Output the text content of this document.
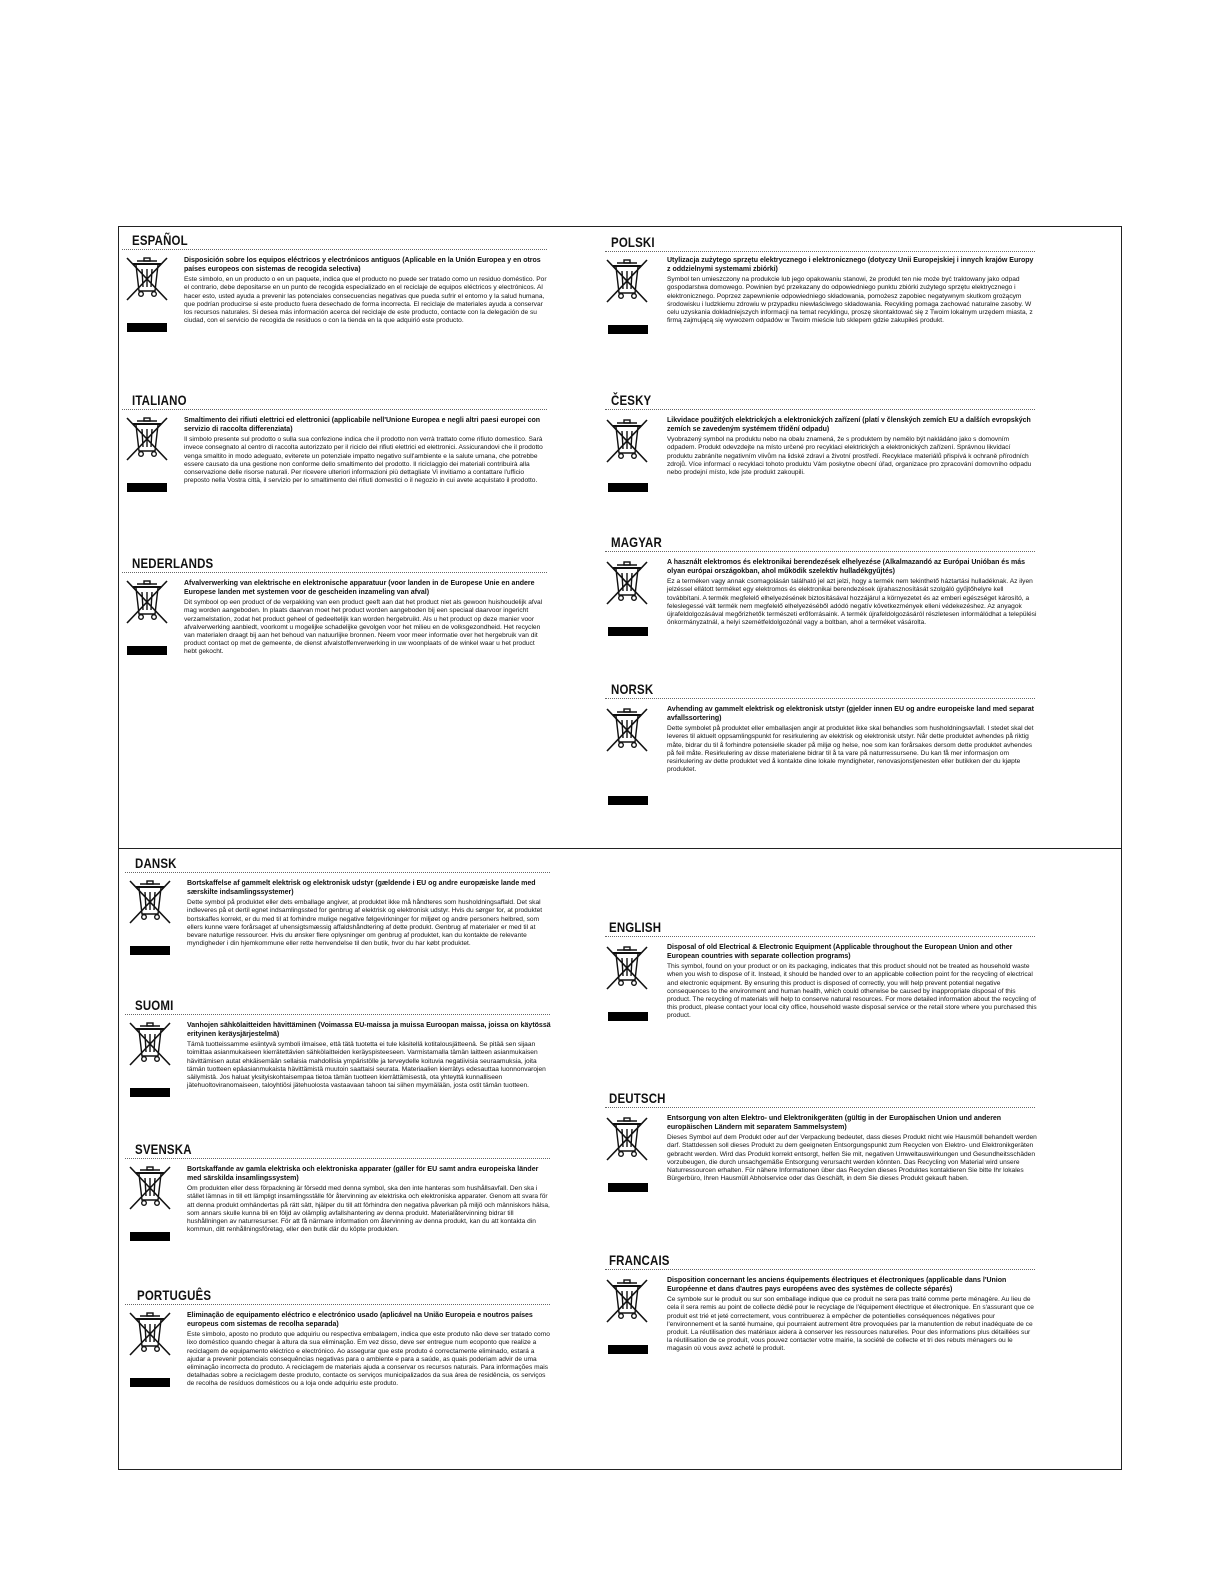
ESPAÑOL
Disposición sobre los equipos eléctricos y electrónicos antiguos (Aplicable en la Unión Europea y en otros países europeos con sistemas de recogida selectiva)
Este símbolo, en un producto o en un paquete, indica que el producto no puede ser tratado como un residuo doméstico. Por el contrario, debe depositarse en un punto de recogida especializado en el reciclaje de equipos eléctricos y electrónicos. Al hacer esto, usted ayuda a prevenir las potenciales consecuencias negativas que pueda sufrir el entorno y la salud humana, que podrían producirse si este producto fuera desechado de forma incorrecta. El reciclaje de materiales ayuda a conservar los recursos naturales. Si desea más información acerca del reciclaje de este producto, contacte con la delegación de su ciudad, con el servicio de recogida de residuos o con la tienda en la que adquirió este producto.
ITALIANO
Smaltimento dei rifiuti elettrici ed elettronici (applicabile nell'Unione Europea e negli altri paesi europei con servizio di raccolta differenziata)
Il simbolo presente sul prodotto o sulla sua confezione indica che il prodotto non verrà trattato come rifiuto domestico. Sarà invece consegnato al centro di raccolta autorizzato per il riciclo dei rifiuti elettrici ed elettronici. Assicurandovi che il prodotto venga smaltito in modo adeguato, eviterete un potenziale impatto negativo sull'ambiente e la salute umana, che potrebbe essere causato da una gestione non conforme dello smaltimento del prodotto. Il riciclaggio dei materiali contribuirà alla conservazione delle risorse naturali. Per ricevere ulteriori informazioni più dettagliate Vi invitiamo a contattare l'ufficio preposto nella Vostra città, il servizio per lo smaltimento dei rifiuti domestici o il negozio in cui avete acquistato il prodotto.
NEDERLANDS
Afvalverwerking van elektrische en elektronische apparatuur (voor landen in de Europese Unie en andere Europese landen met systemen voor de gescheiden inzameling van afval)
Dit symbool op een product of de verpakking van een product geeft aan dat het product niet als gewoon huishoudelijk afval mag worden aangeboden. In plaats daarvan moet het product worden aangeboden bij een speciaal daarvoor ingericht verzamelstation, zodat het product geheel of gedeeltelijk kan worden hergebruikt. Als u het product op deze manier voor afvalverwerking aanbiedt, voorkomt u mogelijke schadelijke gevolgen voor het milieu en de volksgezondheid. Het recyclen van materialen draagt bij aan het behoud van natuurlijke bronnen. Neem voor meer informatie over het hergebruik van dit product contact op met de gemeente, de dienst afvalstoffenverwerking in uw woonplaats of de winkel waar u het product hebt gekocht.
POLSKI
Utylizacja zużytego sprzętu elektrycznego i elektronicznego (dotyczy Unii Europejskiej i innych krajów Europy z oddzielnymi systemami zbiórki)
Symbol ten umieszczony na produkcie lub jego opakowaniu stanowi, że produkt ten nie może być traktowany jako odpad gospodarstwa domowego. Powinien być przekazany do odpowiedniego punktu zbiórki zużytego sprzętu elektrycznego i elektronicznego. Poprzez zapewnienie odpowiedniego składowania, pomożesz zapobiec negatywnym skutkom grożącym środowisku i ludzkiemu zdrowiu w przypadku niewłaściwego składowania. Recykling pomaga zachować naturalne zasoby. W celu uzyskania dokładniejszych informacji na temat recyklingu, proszę skontaktować się z Twoim lokalnym urzędem miasta, z firmą zajmującą się wywozem odpadów w Twoim mieście lub sklepem gdzie zakupiłeś produkt.
ČESKY
Likvidace použitých elektrických a elektronických zařízení (platí v členských zemích EU a dalších evropských zemích se zavedeným systémem třídění odpadu)
Vyobrazený symbol na produktu nebo na obalu znamená, že s produktem by nemělo být nakládáno jako s domovním odpadem. Produkt odevzdejte na místo určené pro recyklaci elektrických a elektronických zařízení. Správnou likvidací produktu zabráníte negativním vlivům na lidské zdraví a životní prostředí. Recyklace materiálů přispívá k ochraně přírodních zdrojů. Více informací o recyklaci tohoto produktu Vám poskytne obecní úřad, organizace pro zpracování domovního odpadu nebo prodejní místo, kde jste produkt zakoupili.
MAGYAR
A használt elektromos és elektronikai berendezések elhelyezése (Alkalmazandó az Európai Unióban és más olyan európai országokban, ahol működik szelektív hulladékgyűjtés)
Ez a terméken vagy annak csomagolásán található jel azt jelzi, hogy a termék nem tekinthető háztartási hulladéknak. Az ilyen jelzéssel ellátott terméket egy elektromos és elektronikai berendezések újrahasznosítását szolgáló gyűjtőhelyre kell továbbítani. A termék megfelelő elhelyezésének biztosításával hozzájárul a környezetet és az emberi egészséget károsító, a feleslegessé vált termék nem megfelelő elhelyezéséből adódó negatív következmények elleni védekezéshez. Az anyagok újrafeldolgozásával megőrizhetők természeti erőforrásaink. A termék újrafeldolgozásáról részletesen informálódhat a települési önkormányzatnál, a helyi szemétfeldolgozónál vagy a boltban, ahol a terméket vásárolta.
NORSK
Avhending av gammelt elektrisk og elektronisk utstyr (gjelder innen EU og andre europeiske land med separat avfallssortering)
Dette symbolet på produktet eller emballasjen angir at produktet ikke skal behandles som husholdningsavfall. I stedet skal det leveres til aktuelt oppsamlingspunkt for resirkulering av elektrisk og elektronisk utstyr. Når dette produktet avhendes på riktig måte, bidrar du til å forhindre potensielle skader på miljø og helse, noe som kan forårsakes dersom dette produktet avhendes på feil måte. Resirkulering av disse materialene bidrar til å ta vare på naturressursene. Du kan få mer informasjon om resirkulering av dette produktet ved å kontakte dine lokale myndigheter, renovasjonstjenesten eller butikken der du kjøpte produktet.
DANSK
Bortskaffelse af gammelt elektrisk og elektronisk udstyr (gældende i EU og andre europæiske lande med særskilte indsamlingssystemer)
Dette symbol på produktet eller dets emballage angiver, at produktet ikke må håndteres som husholdningsaffald. Det skal indleveres på et dertil egnet indsamlingssted for genbrug af elektrisk og elektronisk udstyr. Hvis du sørger for, at produktet bortskaffes korrekt, er du med til at forhindre mulige negative følgevirkninger for miljøet og andre personers helbred, som ellers kunne være forårsaget af uhensigtsmæssig affaldshåndtering af dette produkt. Genbrug af materialer er med til at bevare naturlige ressourcer. Hvis du ønsker flere oplysninger om genbrug af produktet, kan du kontakte de relevante myndigheder i din hjemkommune eller rette henvendelse til den butik, hvor du har købt produktet.
SUOMI
Vanhojen sähkölaitteiden hävittäminen (Voimassa EU-maissa ja muissa Euroopan maissa, joissa on käytössä erityinen keräysjärjestelmä)
Tämä tuotteissamme esiintyvä symboli ilmaisee, että tätä tuotetta ei tule käsitellä kotitalousjätteenä. Se pitää sen sijaan toimittaa asianmukaiseen kierrätettävien sähkölaitteiden keräyspisteeseen. Varmistamalla tämän laitteen asianmukaisen hävittämisen autat ehkäisemään sellaisia mahdollisia ympäristölle ja terveydelle koituvia negatiivisia seuraamuksia, joita tämän tuotteen epäasianmukaista hävittämistä muutoin saattaisi seurata. Materiaalien kierrätys edesauttaa luonnonvarojen säilymistä. Jos haluat yksityiskohtaisempaa tietoa tämän tuotteen kierrättämisestä, ota yhteyttä kunnalliseen jätehuoltoviranomaiseen, taloyhtiösi jätehuolosta vastaavaan tahoon tai siihen myymälään, josta ostit tämän tuotteen.
SVENSKA
Bortskaffande av gamla elektriska och elektroniska apparater (gäller för EU samt andra europeiska länder med särskilda insamlingssystem)
Om produkten eller dess förpackning är försedd med denna symbol, ska den inte hanteras som hushållsavfall. Den ska i stället lämnas in till ett lämpligt insamlingsställe för återvinning av elektriska och elektroniska apparater. Genom att svara för att denna produkt omhändertas på rätt sätt, hjälper du till att förhindra den negativa påverkan på miljö och människors hälsa, som annars skulle kunna bli en följd av olämplig avfallshantering av denna produkt. Materialåtervinning bidrar till hushållningen av naturresurser. För att få närmare information om återvinning av denna produkt, kan du att kontakta din kommun, ditt renhållningsföretag, eller den butik där du köpte produkten.
PORTUGUÊS
Eliminação de equipamento eléctrico e electrónico usado (aplicável na União Europeia e noutros países europeus com sistemas de recolha separada)
Este símbolo, aposto no produto que adquiriu ou respectiva embalagem, indica que este produto não deve ser tratado como lixo doméstico quando chegar à altura da sua eliminação. Em vez disso, deve ser entregue num ecoponto que realize a reciclagem de equipamento eléctrico e electrónico. Ao assegurar que este produto é correctamente eliminado, estará a ajudar a prevenir potenciais consequências negativas para o ambiente e para a saúde, as quais poderiam advir de uma eliminação incorrecta do produto. A reciclagem de materiais ajuda a conservar os recursos naturais. Para informações mais detalhadas sobre a reciclagem deste produto, contacte os serviços municipalizados da sua área de residência, os serviços de recolha de resíduos domésticos ou a loja onde adquiriu este produto.
ENGLISH
Disposal of old Electrical & Electronic Equipment (Applicable throughout the European Union and other European countries with separate collection programs)
This symbol, found on your product or on its packaging, indicates that this product should not be treated as household waste when you wish to dispose of it. Instead, it should be handed over to an applicable collection point for the recycling of electrical and electronic equipment. By ensuring this product is disposed of correctly, you will help prevent potential negative consequences to the environment and human health, which could otherwise be caused by inappropriate disposal of this product. The recycling of materials will help to conserve natural resources. For more detailed information about the recycling of this product, please contact your local city office, household waste disposal service or the retail store where you purchased this product.
DEUTSCH
Entsorgung von alten Elektro- und Elektronikgeräten (gültig in der Europäischen Union und anderen europäischen Ländern mit separatem Sammelsystem)
Dieses Symbol auf dem Produkt oder auf der Verpackung bedeutet, dass dieses Produkt nicht wie Hausmüll behandelt werden darf. Stattdessen soll dieses Produkt zu dem geeigneten Entsorgungspunkt zum Recyclen von Elektro- und Elektronikgeräten gebracht werden. Wird das Produkt korrekt entsorgt, helfen Sie mit, negativen Umweltauswirkungen und Gesundheitsschäden vorzubeugen, die durch unsachgemäße Entsorgung verursacht werden könnten. Das Recycling von Material wird unsere Naturressourcen erhalten. Für nähere Informationen über das Recyclen dieses Produktes kontaktieren Sie bitte Ihr lokales Bürgerbüro, Ihren Hausmüll Abholservice oder das Geschäft, in dem Sie dieses Produkt gekauft haben.
FRANCAIS
Disposition concernant les anciens équipements électriques et électroniques (applicable dans l'Union Européenne et dans d'autres pays européens avec des systèmes de collecte séparés)
Ce symbole sur le produit ou sur son emballage indique que ce produit ne sera pas traité comme perte ménagère. Au lieu de cela il sera remis au point de collecte dédié pour le recyclage de l'équipement électrique et électronique. En s'assurant que ce produit est trié et jeté correctement, vous contribuerez à empêcher de potentielles conséquences négatives pour l'environnement et la santé humaine, qui pourraient autrement être provoquées par la manutention de rebut inadéquate de ce produit. La réutilisation des matériaux aidera à conserver les ressources naturelles. Pour des informations plus détaillées sur la réutilisation de ce produit, vous pouvez contacter votre mairie, la société de collecte et tri des rebuts ménagers ou le magasin où vous avez acheté le produit.
